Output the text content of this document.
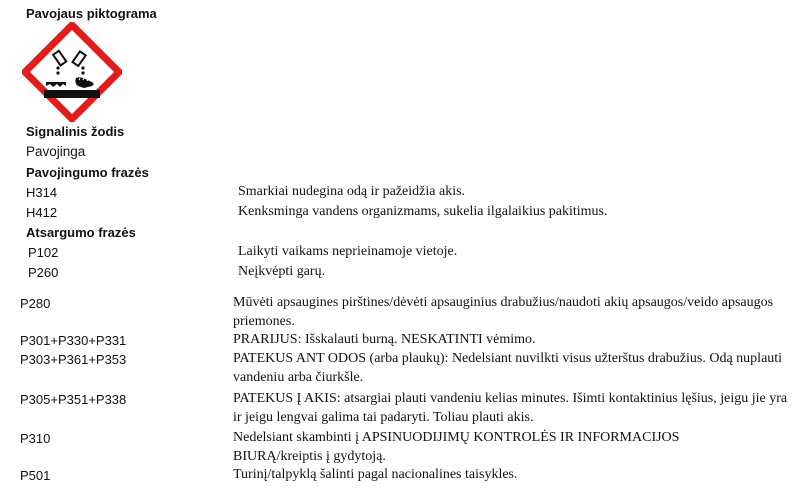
Pavojaus piktograma
Signalinis žodis
Pavojinga
Pavojingumo frazės
H314	Smarkiai nudegina odą ir pažeidžia akis.
H412	Kenksminga vandens organizmams, sukelia ilgalaikius pakitimus.
Atsargumo frazės
P102	Laikyti vaikams neprieinamoje vietoje.
P260	Neįkvėpti garų.
P280	Mūvėti apsaugines pirštines/dėvėti apsauginius drabužius/naudoti akių apsaugos/veido apsaugos priemones.
P301+P330+P331	PRARIJUS: Išskalauti burną. NESKATINTI vėmimo.
P303+P361+P353	PATEKUS ANT ODOS (arba plaukų): Nedelsiant nuvilkti visus užterštus drabužius. Odą nuplauti vandeniu arba čiurkšle.
P305+P351+P338	PATEKUS Į AKIS: atsargiai plauti vandeniu kelias minutes. Išimti kontaktinius lęšius, jeigu jie yra ir jeigu lengvai galima tai padaryti. Toliau plauti akis.
P310	Nedelsiant skambinti į APSINUODIJIMŲ KONTROLĖS IR INFORMACIJOS BIURĄ/kreiptis į gydytoją.
P501	Turinį/talpyklą šalinti pagal nacionalines taisykles.
